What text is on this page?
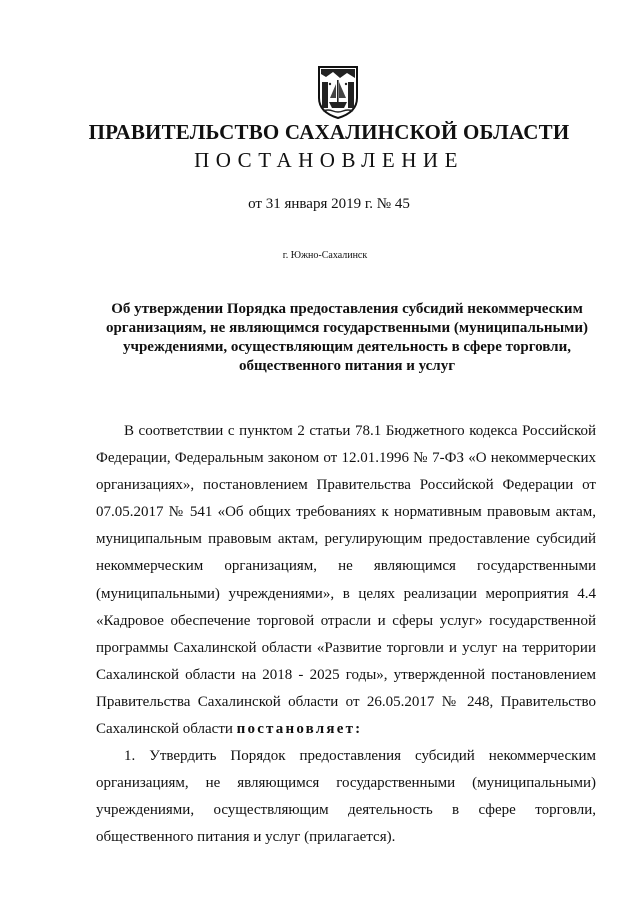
ПРАВИТЕЛЬСТВО САХАЛИНСКОЙ ОБЛАСТИ
ПОСТАНОВЛЕНИЕ
от 31 января 2019 г. № 45
г. Южно-Сахалинск
Об утверждении Порядка предоставления субсидий некоммерческим организациям, не являющимся государственными (муниципальными) учреждениями, осуществляющим деятельность в сфере торговли, общественного питания и услуг

В соответствии с пунктом 2 статьи 78.1 Бюджетного кодекса Российской Федерации, Федеральным законом от 12.01.1996 № 7-ФЗ «О некоммерческих организациях», постановлением Правительства Российской Федерации от 07.05.2017 № 541 «Об общих требованиях к нормативным правовым актам, муниципальным правовым актам, регулирующим предоставление субсидий некоммерческим организациям, не являющимся государственными (муниципальными) учреждениями», в целях реализации мероприятия 4.4 «Кадровое обеспечение торговой отрасли и сферы услуг» государственной программы Сахалинской области «Развитие торговли и услуг на территории Сахалинской области на 2018 - 2025 годы», утвержденной постановлением Правительства Сахалинской области от 26.05.2017 № 248, Правительство Сахалинской области постановляет:

1. Утвердить Порядок предоставления субсидий некоммерческим организациям, не являющимся государственными (муниципальными) учреждениями, осуществляющим деятельность в сфере торговли, общественного питания и услуг (прилагается).
